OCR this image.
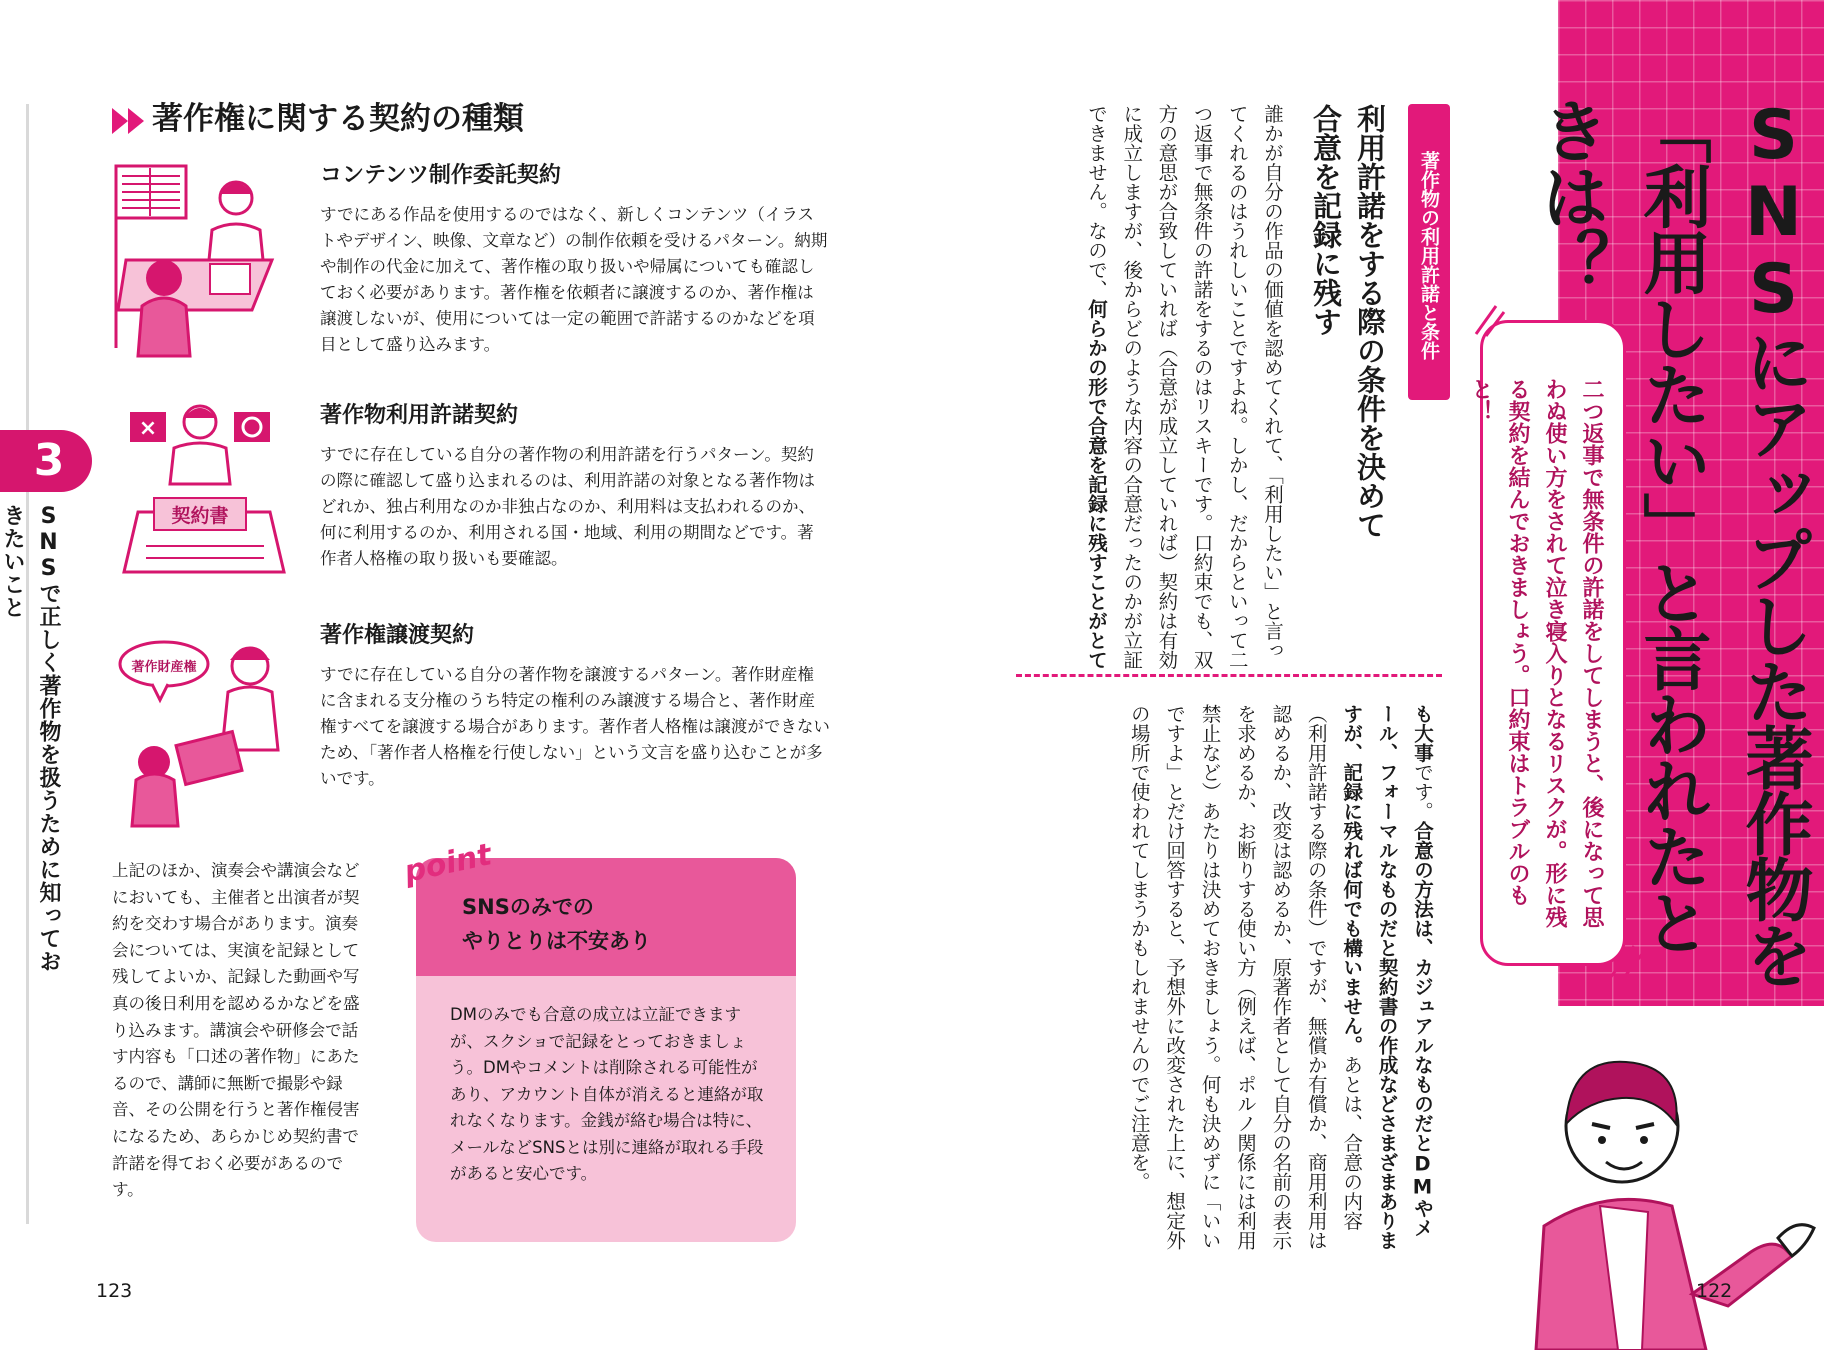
3
SNSで正しく著作物を扱うために知っておきたいこと
著作権に関する契約の種類
コンテンツ制作委託契約
すでにある作品を使用するのではなく、新しくコンテンツ（イラストやデザイン、映像、文章など）の制作依頼を受けるパターン。納期や制作の代金に加えて、著作権の取り扱いや帰属についても確認しておく必要があります。著作権を依頼者に譲渡するのか、著作権は譲渡しないが、使用については一定の範囲で許諾するのかなどを項目として盛り込みます。
×
契約書
著作物利用許諾契約
すでに存在している自分の著作物の利用許諾を行うパターン。契約の際に確認して盛り込まれるのは、利用許諾の対象となる著作物はどれか、独占利用なのか非独占なのか、利用料は支払われるのか、何に利用するのか、利用される国・地域、利用の期間などです。著作者人格権の取り扱いも要確認。
著作財産権
著作権譲渡契約
すでに存在している自分の著作物を譲渡するパターン。著作財産権に含まれる支分権のうち特定の権利のみ譲渡する場合と、著作財産権すべてを譲渡する場合があります。著作者人格権は譲渡ができないため、「著作者人格権を行使しない」という文言を盛り込むことが多いです。
上記のほか、演奏会や講演会などにおいても、主催者と出演者が契約を交わす場合があります。演奏会については、実演を記録として残してよいか、記録した動画や写真の後日利用を認めるかなどを盛り込みます。講演会や研修会で話す内容も「口述の著作物」にあたるので、講師に無断で撮影や録音、その公開を行うと著作権侵害になるため、あらかじめ契約書で許諾を得ておく必要があるのです。
point
SNSのみでの
やりとりは不安あり
DMのみでも合意の成立は立証できますが、スクショで記録をとっておきましょう。DMやコメントは削除される可能性があり、アカウント自体が消えると連絡が取れなくなります。金銭が絡む場合は特に、メールなどSNSとは別に連絡が取れる手段があると安心です。
123
SNSにアップした著作物を「利用したい」と言われたときは？
二つ返事で無条件の許諾をしてしまうと、後になって思わぬ使い方をされて泣き寝入りとなるリスクが。形に残る契約を結んでおきましょう。口約束はトラブルのもと！
著作物の利用許諾と条件
利用許諾をする際の条件を決めて合意を記録に残す
誰かが自分の作品の価値を認めてくれて、「利用したい」と言ってくれるのはうれしいことですよね。しかし、だからといって二つ返事で無条件の許諾をするのはリスキーです。口約束でも、双方の意思が合致していれば（合意が成立していれば）契約は有効に成立しますが、後からどのような内容の合意だったのかが立証できません。なので、何らかの形で合意を記録に残すことがとて
も大事です。合意の方法は、カジュアルなものだとDMやメール、フォーマルなものだと契約書の作成などさまざまありますが、記録に残れば何でも構いません。あとは、合意の内容（利用許諾する際の条件）ですが、無償か有償か、商用利用は認めるか、改変は認めるか、原著作者として自分の名前の表示を求めるか、お断りする使い方（例えば、ポルノ関係には利用禁止など）あたりは決めておきましょう。何も決めずに「いいですよ」とだけ回答すると、予想外に改変された上に、想定外の場所で使われてしまうかもしれませんのでご注意を。
122
